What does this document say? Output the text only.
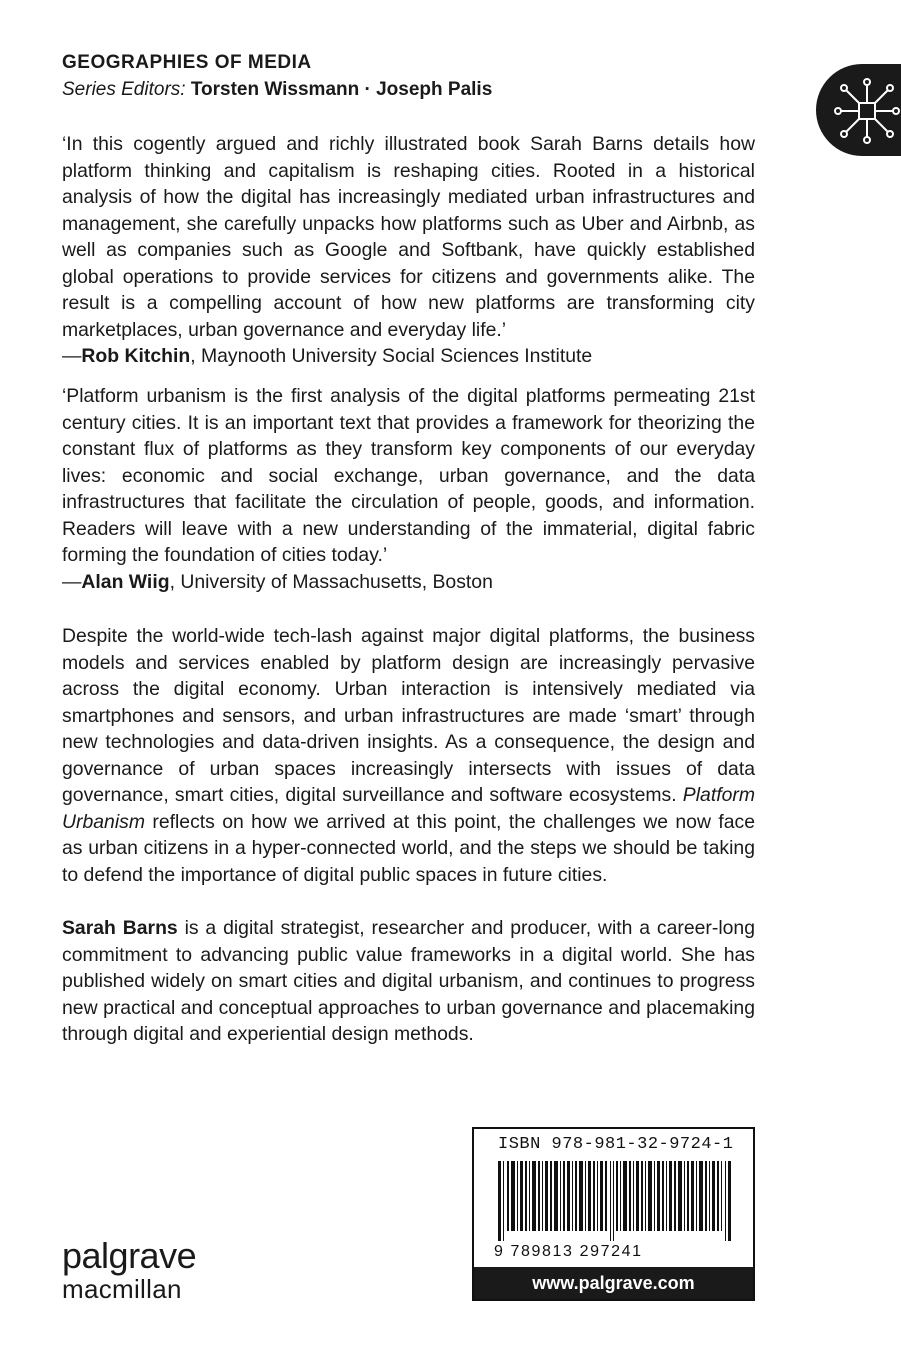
GEOGRAPHIES OF MEDIA
Series Editors: Torsten Wissmann · Joseph Palis

‘In this cogently argued and richly illustrated book Sarah Barns details how platform thinking and capitalism is reshaping cities. Rooted in a historical analysis of how the digital has increasingly mediated urban infrastructures and management, she carefully unpacks how platforms such as Uber and Airbnb, as well as companies such as Google and Softbank, have quickly established global operations to provide services for citizens and governments alike. The result is a compelling account of how new platforms are transforming city marketplaces, urban governance and everyday life.’

—Rob Kitchin, Maynooth University Social Sciences Institute

‘Platform urbanism is the first analysis of the digital platforms permeating 21st century cities. It is an important text that provides a framework for theorizing the constant flux of platforms as they transform key components of our everyday lives: economic and social exchange, urban governance, and the data infrastructures that facilitate the circulation of people, goods, and information. Readers will leave with a new understanding of the immaterial, digital fabric forming the foundation of cities today.’

—Alan Wiig, University of Massachusetts, Boston

Despite the world-wide tech-lash against major digital platforms, the business models and services enabled by platform design are increasingly pervasive across the digital economy. Urban interaction is intensively mediated via smartphones and sensors, and urban infrastructures are made ‘smart’ through new technologies and data-driven insights. As a consequence, the design and governance of urban spaces increasingly intersects with issues of data governance, smart cities, digital surveillance and software ecosystems. Platform Urbanism reflects on how we arrived at this point, the challenges we now face as urban citizens in a hyper-connected world, and the steps we should be taking to defend the importance of digital public spaces in future cities.

Sarah Barns is a digital strategist, researcher and producer, with a career-long commitment to advancing public value frameworks in a digital world. She has published widely on smart cities and digital urbanism, and continues to progress new practical and conceptual approaches to urban governance and placemaking through digital and experiential design methods.

ISBN 978-981-32-9724-1
9 789813 297241
www.palgrave.com
palgrave
macmillan
